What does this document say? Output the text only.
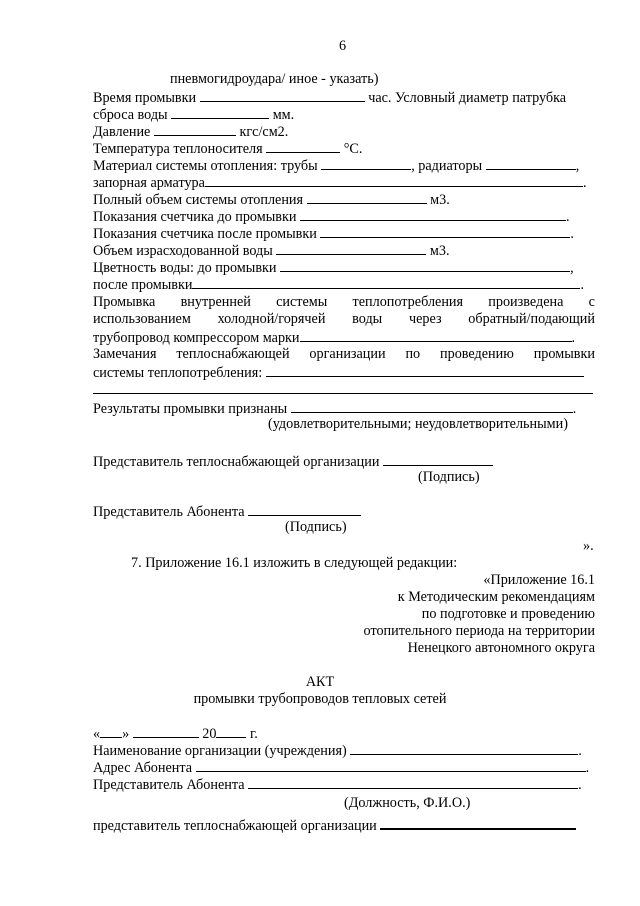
6
пневмогидроудара/ иное - указать)
Время промывки	час. Условный диаметр патрубка
сброса воды	мм.
Давление	кгс/см2.
Температура теплоносителя	°С.
Материал системы отопления: трубы	, радиаторы	,
запорная арматура	.
Полный объем системы отопления	м3.
Показания счетчика до промывки	.
Показания счетчика после промывки	.
Объем израсходованной воды	м3.
Цветность воды: до промывки	,
после промывки	.
Промывка внутренней системы теплопотребления произведена с
использованием холодной/горячей воды через обратный/подающий
трубопровод компрессором марки	.
Замечания теплоснабжающей организации по проведению промывки
системы теплопотребления:
Результаты промывки признаны	.
(удовлетворительными; неудовлетворительными)
Представитель теплоснабжающей организации
(Подпись)
Представитель Абонента
(Подпись)
».
7. Приложение 16.1 изложить в следующей редакции:
«Приложение 16.1
к Методическим рекомендациям
по подготовке и проведению
отопительного периода на территории
Ненецкого автономного округа
АКТ
промывки трубопроводов тепловых сетей
« »	20 г.
Наименование организации (учреждения)	.
Адрес Абонента	.
Представитель Абонента	.
(Должность, Ф.И.О.)
представитель теплоснабжающей организации
